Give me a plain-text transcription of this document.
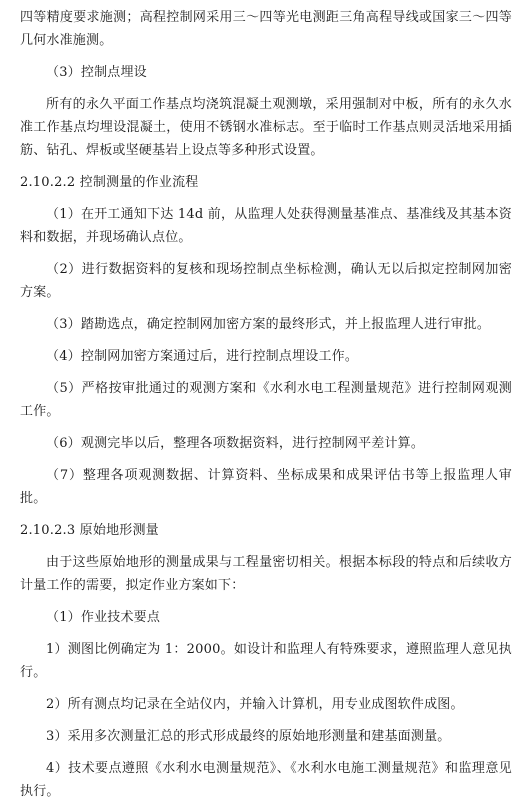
四等精度要求施测；高程控制网采用三～四等光电测距三角高程导线或国家三～四等几何水准施测。

（3）控制点埋设

所有的永久平面工作基点均浇筑混凝土观测墩，采用强制对中板，所有的永久水准工作基点均埋设混凝土，使用不锈钢水准标志。至于临时工作基点则灵活地采用插筋、钻孔、焊板或坚硬基岩上设点等多种形式设置。

2.10.2.2 控制测量的作业流程

（1）在开工通知下达 14d 前，从监理人处获得测量基准点、基准线及其基本资料和数据，并现场确认点位。

（2）进行数据资料的复核和现场控制点坐标检测，确认无以后拟定控制网加密方案。

（3）踏勘选点，确定控制网加密方案的最终形式，并上报监理人进行审批。

（4）控制网加密方案通过后，进行控制点埋设工作。

（5）严格按审批通过的观测方案和《水利水电工程测量规范》进行控制网观测工作。

（6）观测完毕以后，整理各项数据资料，进行控制网平差计算。

（7）整理各项观测数据、计算资料、坐标成果和成果评估书等上报监理人审批。

2.10.2.3 原始地形测量

由于这些原始地形的测量成果与工程量密切相关。根据本标段的特点和后续收方计量工作的需要，拟定作业方案如下：

（1）作业技术要点

1）测图比例确定为 1：2000。如设计和监理人有特殊要求，遵照监理人意见执行。

2）所有测点均记录在全站仪内，并输入计算机，用专业成图软件成图。

3）采用多次测量汇总的形式形成最终的原始地形测量和建基面测量。

4）技术要点遵照《水利水电测量规范》、《水利水电施工测量规范》和监理意见执行。
